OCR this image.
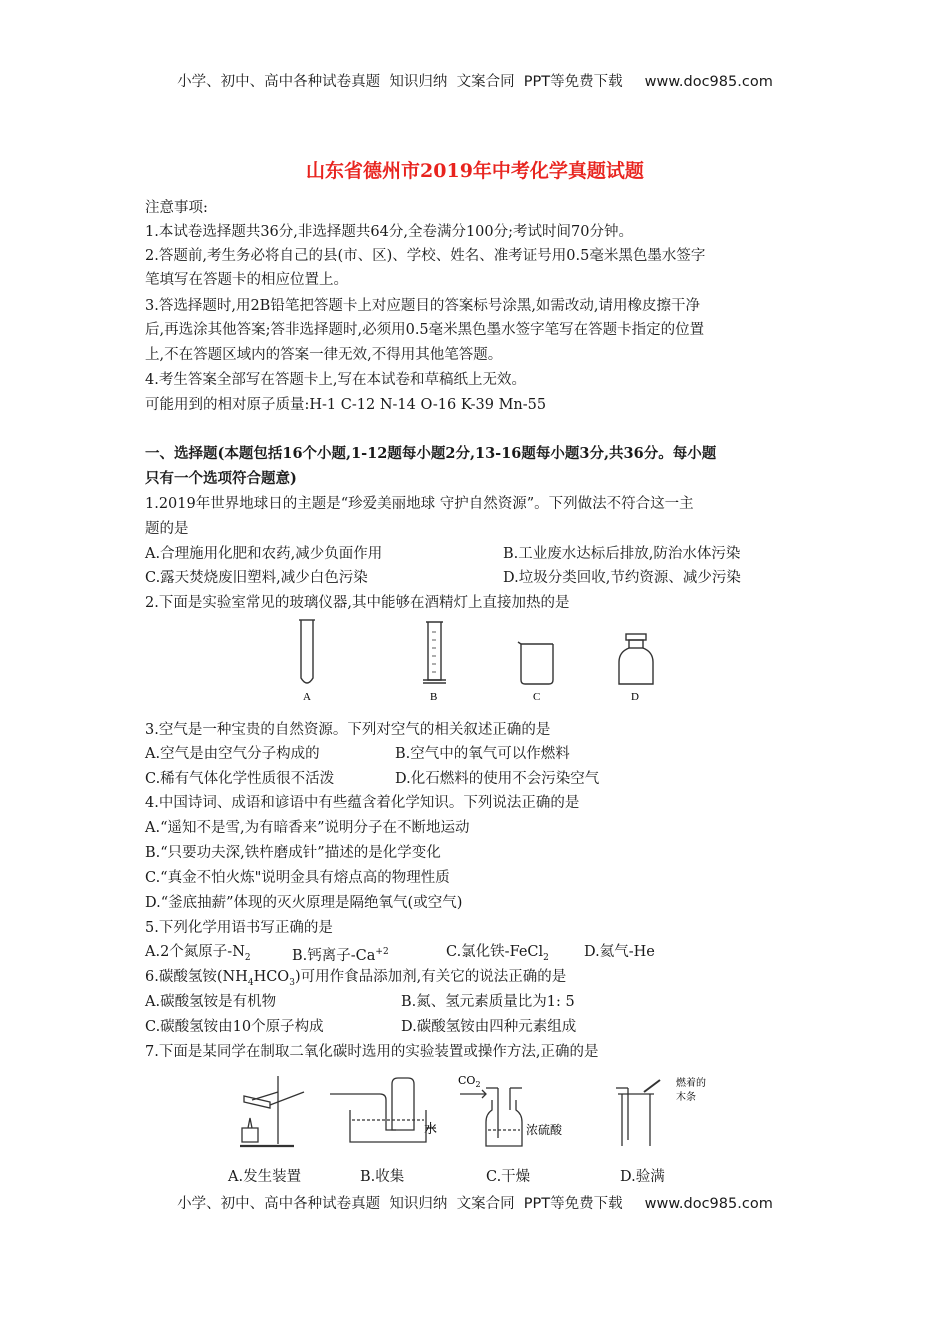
小学、初中、高中各种试卷真题  知识归纳  文案合同  PPT等免费下载 www.doc985.com
山东省德州市2019年中考化学真题试题
注意事项:
1.本试卷选择题共36分,非选择题共64分,全卷满分100分;考试时间70分钟。
2.答题前,考生务必将自己的县(市、区)、学校、姓名、准考证号用0.5毫米黑色墨水签字
笔填写在答题卡的相应位置上。
3.答选择题时,用2B铅笔把答题卡上对应题目的答案标号涂黑,如需改动,请用橡皮擦干净
后,再选涂其他答案;答非选择题时,必须用0.5毫米黑色墨水签字笔写在答题卡指定的位置
上,不在答题区域内的答案一律无效,不得用其他笔答题。
4.考生答案全部写在答题卡上,写在本试卷和草稿纸上无效。
可能用到的相对原子质量:H-1 C-12 N-14 O-16 K-39 Mn-55
一、选择题(本题包括16个小题,1-12题每小题2分,13-16题每小题3分,共36分。每小题
只有一个选项符合题意)
1.2019年世界地球日的主题是“珍爱美丽地球 守护自然资源”。下列做法不符合这一主
题的是
A.合理施用化肥和农药,减少负面作用	B.工业废水达标后排放,防治水体污染
C.露天焚烧废旧塑料,减少白色污染	D.垃圾分类回收,节约资源、减少污染
2.下面是实验室常见的玻璃仪器,其中能够在酒精灯上直接加热的是
A	B	C	D
3.空气是一种宝贵的自然资源。下列对空气的相关叙述正确的是
A.空气是由空气分子构成的	B.空气中的氧气可以作燃料
C.稀有气体化学性质很不活泼	D.化石燃料的使用不会污染空气
4.中国诗词、成语和谚语中有些蕴含着化学知识。下列说法正确的是
A.“遥知不是雪,为有暗香来”说明分子在不断地运动
B.“只要功夫深,铁杵磨成针”描述的是化学变化
C.“真金不怕火炼"说明金具有熔点高的物理性质
D.“釜底抽薪”体现的灭火原理是隔绝氧气(或空气)
5.下列化学用语书写正确的是
A.2个氮原子$-N_2$	B.钙离子$-Ca^{+2}$	C.氯化铁-FeCl$_2$ D.氦气-He
6.碳酸氢铵$(NH_4HCO_3)$可用作食品添加剂,有关它的说法正确的是
A.碳酸氢铵是有机物	B.氮、氢元素质量比为1: 5
C.碳酸氢铵由10个原子构成	D.碳酸氢铵由四种元素组成
7.下面是某同学在制取二氧化碳时选用的实验装置或操作方法,正确的是
水
$CO_2$
浓硫酸
燃着的
木条
A.发生装置	B.收集	C.干燥	D.验满
小学、初中、高中各种试卷真题  知识归纳  文案合同  PPT等免费下载 www.doc985.com
